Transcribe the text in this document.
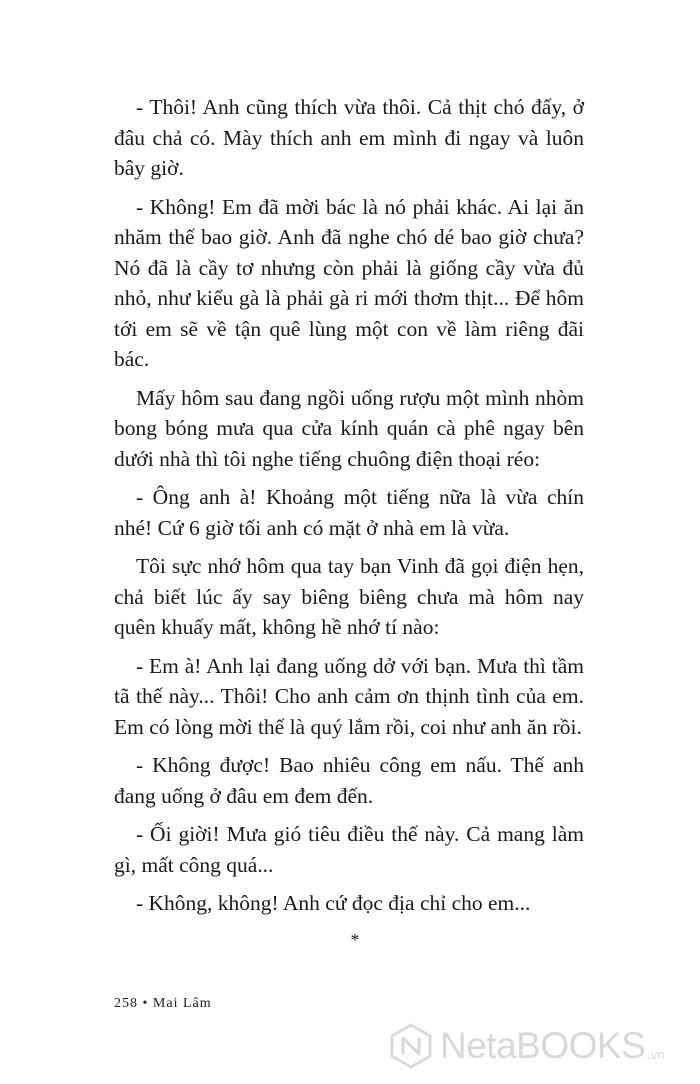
- Thôi! Anh cũng thích vừa thôi. Cả thịt chó đấy, ở đâu chả có. Mày thích anh em mình đi ngay và luôn bây giờ.

- Không! Em đã mời bác là nó phải khác. Ai lại ăn nhăm thế bao giờ. Anh đã nghe chó dé bao giờ chưa? Nó đã là cầy tơ nhưng còn phải là giống cầy vừa đủ nhỏ, như kiểu gà là phải gà ri mới thơm thịt... Để hôm tới em sẽ về tận quê lùng một con về làm riêng đãi bác.

Mấy hôm sau đang ngồi uống rượu một mình nhòm bong bóng mưa qua cửa kính quán cà phê ngay bên dưới nhà thì tôi nghe tiếng chuông điện thoại réo:

- Ông anh à! Khoảng một tiếng nữa là vừa chín nhé! Cứ 6 giờ tối anh có mặt ở nhà em là vừa.

Tôi sực nhớ hôm qua tay bạn Vinh đã gọi điện hẹn, chả biết lúc ấy say biêng biêng chưa mà hôm nay quên khuấy mất, không hề nhớ tí nào:

- Em à! Anh lại đang uống dở với bạn. Mưa thì tầm tã thế này... Thôi! Cho anh cảm ơn thịnh tình của em. Em có lòng mời thế là quý lắm rồi, coi như anh ăn rồi.

- Không được! Bao nhiêu công em nấu. Thế anh đang uống ở đâu em đem đến.

- Ối giời! Mưa gió tiêu điều thế này. Cả mang làm gì, mất công quá...

- Không, không! Anh cứ đọc địa chỉ cho em...

*
258 • Mai Lâm
NetaBOOKS .vn
